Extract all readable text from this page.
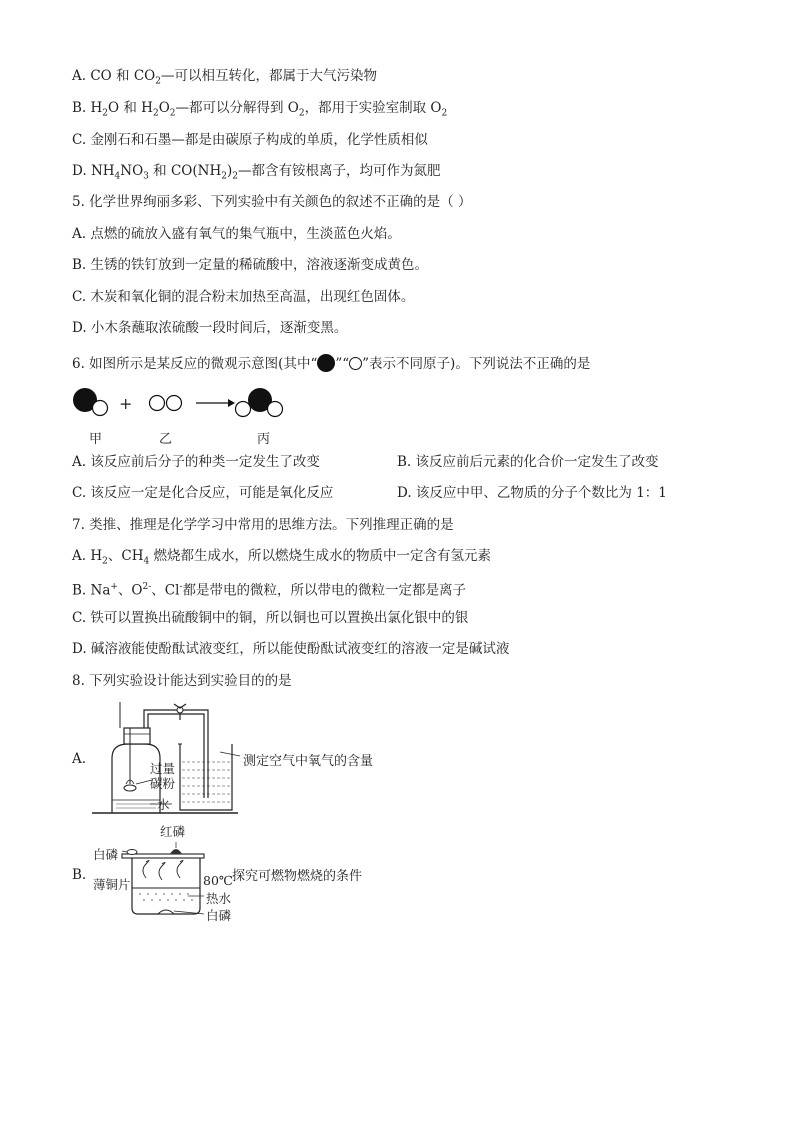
A. CO 和 $CO_2—$可以相互转化，都属于大气污染物
B. $H_2O$ 和 $H_2O_2—$都可以分解得到 $O_2$，都用于实验室制取 $O_2$
C. 金刚石和石墨—都是由碳原子构成的单质，化学性质相似
D. $NH_4NO_3$ 和 $CO(NH_2)_2—$都含有铵根离子，均可作为氮肥
5. 化学世界绚丽多彩、下列实验中有关颜色的叙述不正确的是（ ）
A. 点燃的硫放入盛有氧气的集气瓶中，生淡蓝色火焰。
B. 生锈的铁钉放到一定量的稀硫酸中，溶液逐渐变成黄色。
C. 木炭和氧化铜的混合粉末加热至高温，出现红色固体。
D. 小木条蘸取浓硫酸一段时间后，逐渐变黑。
6. 如图所示是某反应的微观示意图(其中“ ”“ ”表示不同原子)。下列说法不正确的是
+
甲	乙	丙
A. 该反应前后分子的种类一定发生了改变	B. 该反应前后元素的化合价一定发生了改变
C. 该反应一定是化合反应，可能是氧化反应	D. 该反应中甲、乙物质的分子个数比为 1：1
7. 类推、推理是化学学习中常用的思维方法。下列推理正确的是
A. $H_2$、$CH_4$ 燃烧都生成水，所以燃烧生成水的物质中一定含有氢元素
B. Na+、$O^{2-}$、Cl-都是带电的微粒，所以带电的微粒一定都是离子
C. 铁可以置换出硫酸铜中的铜，所以铜也可以置换出氯化银中的银
D. 碱溶液能使酚酞试液变红，所以能使酚酞试液变红的溶液一定是碱试液
8. 下列实验设计能达到实验目的的是
A.
过量
碳粉
水
测定空气中氧气的含量
B.
红磷
白磷
薄铜片	80℃
热水
白磷
探究可燃物燃烧的条件
